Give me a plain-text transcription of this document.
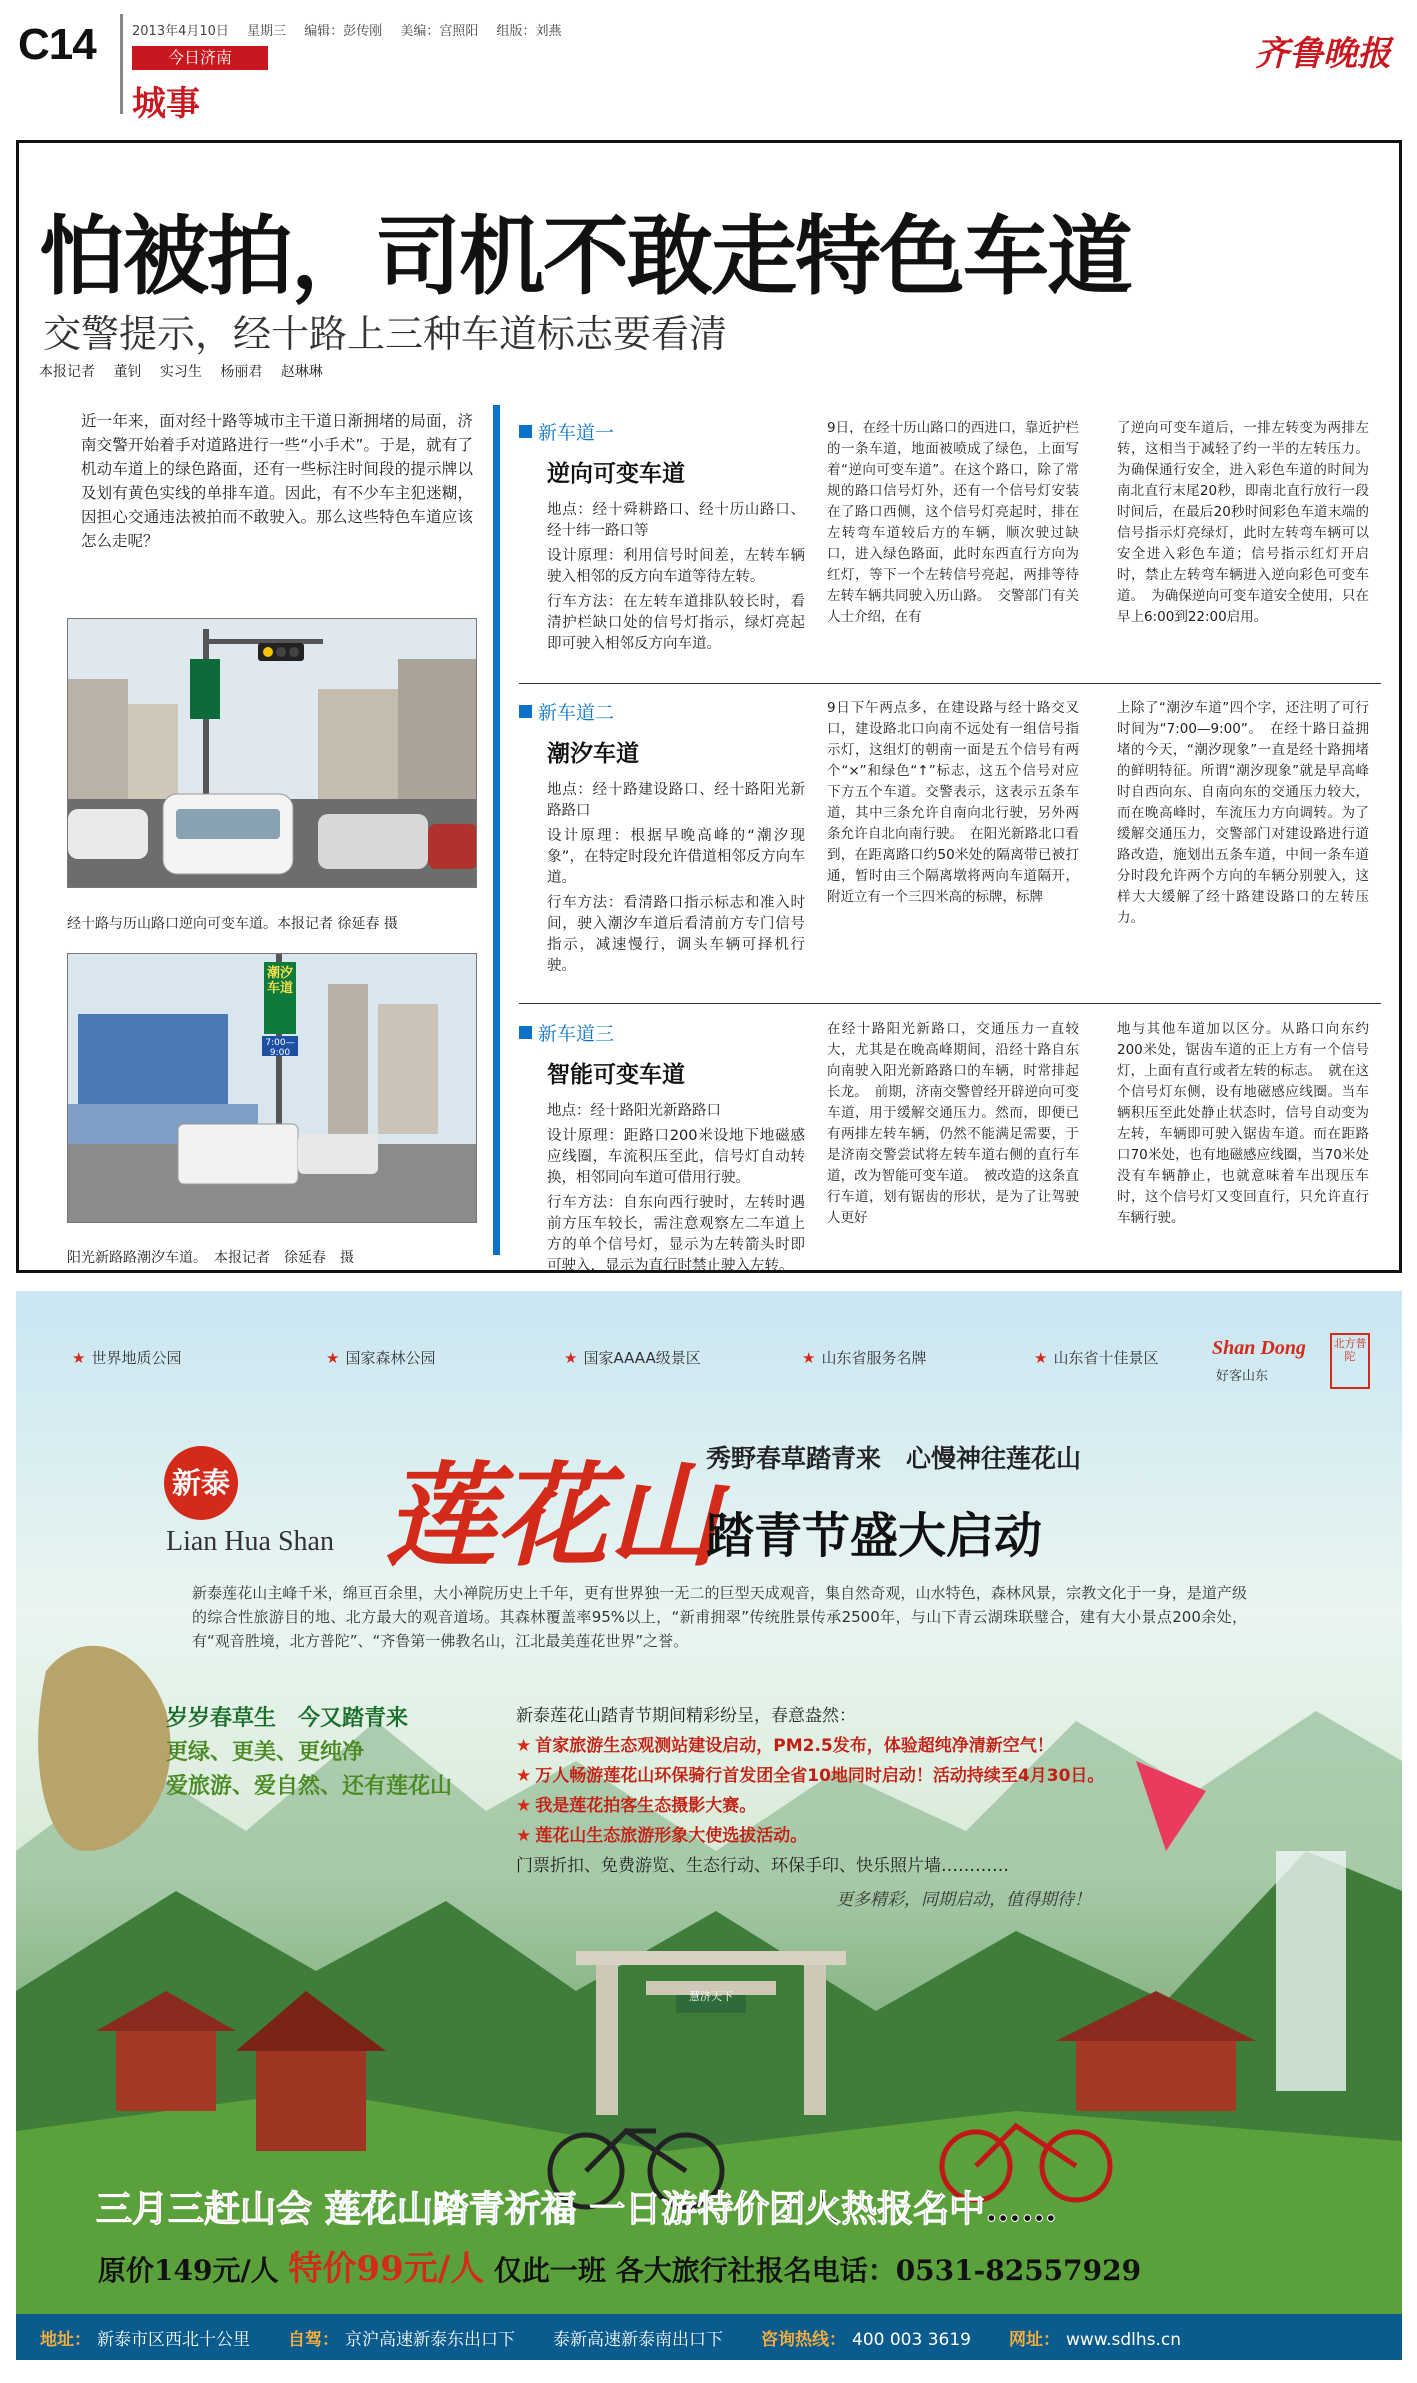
C14	2013年4月10日 星期三 编辑：彭传刚 美编：宫照阳 组版：刘燕
今日济南
城事
齐鲁晚报
怕被拍，司机不敢走特色车道
交警提示，经十路上三种车道标志要看清
本报记者 董钊 实习生 杨丽君 赵琳琳
近一年来，面对经十路等城市主干道日渐拥堵的局面，济南交警开始着手对道路进行一些“小手术”。于是，就有了机动车道上的绿色路面，还有一些标注时间段的提示牌以及划有黄色实线的单排车道。因此，有不少车主犯迷糊，因担心交通违法被拍而不敢驶入。那么这些特色车道应该怎么走呢？
经十路与历山路口逆向可变车道。本报记者 徐延春 摄
潮汐车道
7:00—9:00
阳光新路路潮汐车道。　本报记者　徐延春　摄
新车道一
逆向可变车道

地点：经十舜耕路口、经十历山路口、经十纬一路口等

设计原理：利用信号时间差，左转车辆驶入相邻的反方向车道等待左转。

行车方法：在左转车道排队较长时，看清护栏缺口处的信号灯指示，绿灯亮起即可驶入相邻反方向车道。

9日，在经十历山路口的西进口，靠近护栏的一条车道，地面被喷成了绿色，上面写着“逆向可变车道”。在这个路口，除了常规的路口信号灯外，还有一个信号灯安装在了路口西侧，这个信号灯亮起时，排在左转弯车道较后方的车辆，顺次驶过缺口，进入绿色路面，此时东西直行方向为红灯，等下一个左转信号亮起，两排等待左转车辆共同驶入历山路。　交警部门有关人士介绍，在有
了逆向可变车道后，一排左转变为两排左转，这相当于减轻了约一半的左转压力。为确保通行安全，进入彩色车道的时间为南北直行末尾20秒，即南北直行放行一段时间后，在最后20秒时间彩色车道末端的信号指示灯亮绿灯，此时左转弯车辆可以安全进入彩色车道；信号指示红灯开启时，禁止左转弯车辆进入逆向彩色可变车道。　为确保逆向可变车道安全使用，只在早上6:00到22:00启用。
新车道二
潮汐车道

地点：经十路建设路口、经十路阳光新路路口

设计原理：根据早晚高峰的“潮汐现象”，在特定时段允许借道相邻反方向车道。

行车方法：看清路口指示标志和准入时间，驶入潮汐车道后看清前方专门信号指示，减速慢行，调头车辆可择机行驶。

9日下午两点多，在建设路与经十路交叉口，建设路北口向南不远处有一组信号指示灯，这组灯的朝南一面是五个信号有两个“×”和绿色“↑”标志，这五个信号对应下方五个车道。交警表示，这表示五条车道，其中三条允许自南向北行驶，另外两条允许自北向南行驶。　在阳光新路北口看到，在距离路口约50米处的隔离带已被打通，暂时由三个隔离墩将两向车道隔开，附近立有一个三四米高的标牌，标牌
上除了“潮汐车道”四个字，还注明了可行时间为“7:00—9:00”。　在经十路日益拥堵的今天，“潮汐现象”一直是经十路拥堵的鲜明特征。所谓“潮汐现象”就是早高峰时自西向东、自南向东的交通压力较大，而在晚高峰时，车流压力方向调转。为了缓解交通压力，交警部门对建设路进行道路改造，施划出五条车道，中间一条车道分时段允许两个方向的车辆分别驶入，这样大大缓解了经十路建设路口的左转压力。
新车道三
智能可变车道

地点：经十路阳光新路路口

设计原理：距路口200米设地下地磁感应线圈，车流积压至此，信号灯自动转换，相邻同向车道可借用行驶。

行车方法：自东向西行驶时，左转时遇前方压车较长，需注意观察左二车道上方的单个信号灯，显示为左转箭头时即可驶入，显示为直行时禁止驶入左转。

在经十路阳光新路口，交通压力一直较大，尤其是在晚高峰期间，沿经十路自东向南驶入阳光新路路口的车辆，时常排起长龙。　前期，济南交警曾经开辟逆向可变车道，用于缓解交通压力。然而，即便已有两排左转车辆，仍然不能满足需要，于是济南交警尝试将左转车道右侧的直行车道，改为智能可变车道。　被改造的这条直行车道，划有锯齿的形状，是为了让驾驶人更好
地与其他车道加以区分。从路口向东约200米处，锯齿车道的正上方有一个信号灯，上面有直行或者左转的标志。　就在这个信号灯东侧，设有地磁感应线圈。当车辆积压至此处静止状态时，信号自动变为左转，车辆即可驶入锯齿车道。而在距路口70米处，也有地磁感应线圈，当70米处没有车辆静止，也就意味着车出现压车时，这个信号灯又变回直行，只允许直行车辆行驶。
★ 世界地质公园	★ 国家森林公园	★ 国家AAAA级景区	★ 山东省服务名牌	★ 山东省十佳景区	Shan Dong
好客山东
北方普陀
新泰
Lian Hua Shan 莲花山
秀野春草踏青来　心慢神往莲花山
踏青节盛大启动
新泰莲花山主峰千米，绵亘百余里，大小禅院历史上千年，更有世界独一无二的巨型天成观音，集自然奇观，山水特色，森林风景，宗教文化于一身，是道产级的综合性旅游目的地、北方最大的观音道场。其森林覆盖率95%以上，“新甫拥翠”传统胜景传承2500年，与山下青云湖珠联璧合，建有大小景点200余处，有“观音胜境，北方普陀”、“齐鲁第一佛教名山，江北最美莲花世界”之誉。
岁岁春草生　今又踏青来
更绿、更美、更纯净
爱旅游、爱自然、还有莲花山
新泰莲花山踏青节期间精彩纷呈，春意盎然：
★ 首家旅游生态观测站建设启动，PM2.5发布，体验超纯净清新空气！
★ 万人畅游莲花山环保骑行首发团全省10地同时启动！活动持续至4月30日。
★ 我是莲花拍客生态摄影大赛。
★ 莲花山生态旅游形象大使选拔活动。
门票折扣、免费游览、生态行动、环保手印、快乐照片墙…………
更多精彩，同期启动，值得期待！
慧济天下
三月三赶山会 莲花山踏青祈福 一日游特价团火热报名中……
原价149元/人 特价99元/人 仅此一班 各大旅行社报名电话：0531-82557929
地址： 新泰市区西北十公里 自驾： 京沪高速新泰东出口下 泰新高速新泰南出口下 咨询热线： 400 003 3619 网址： www.sdlhs.cn
